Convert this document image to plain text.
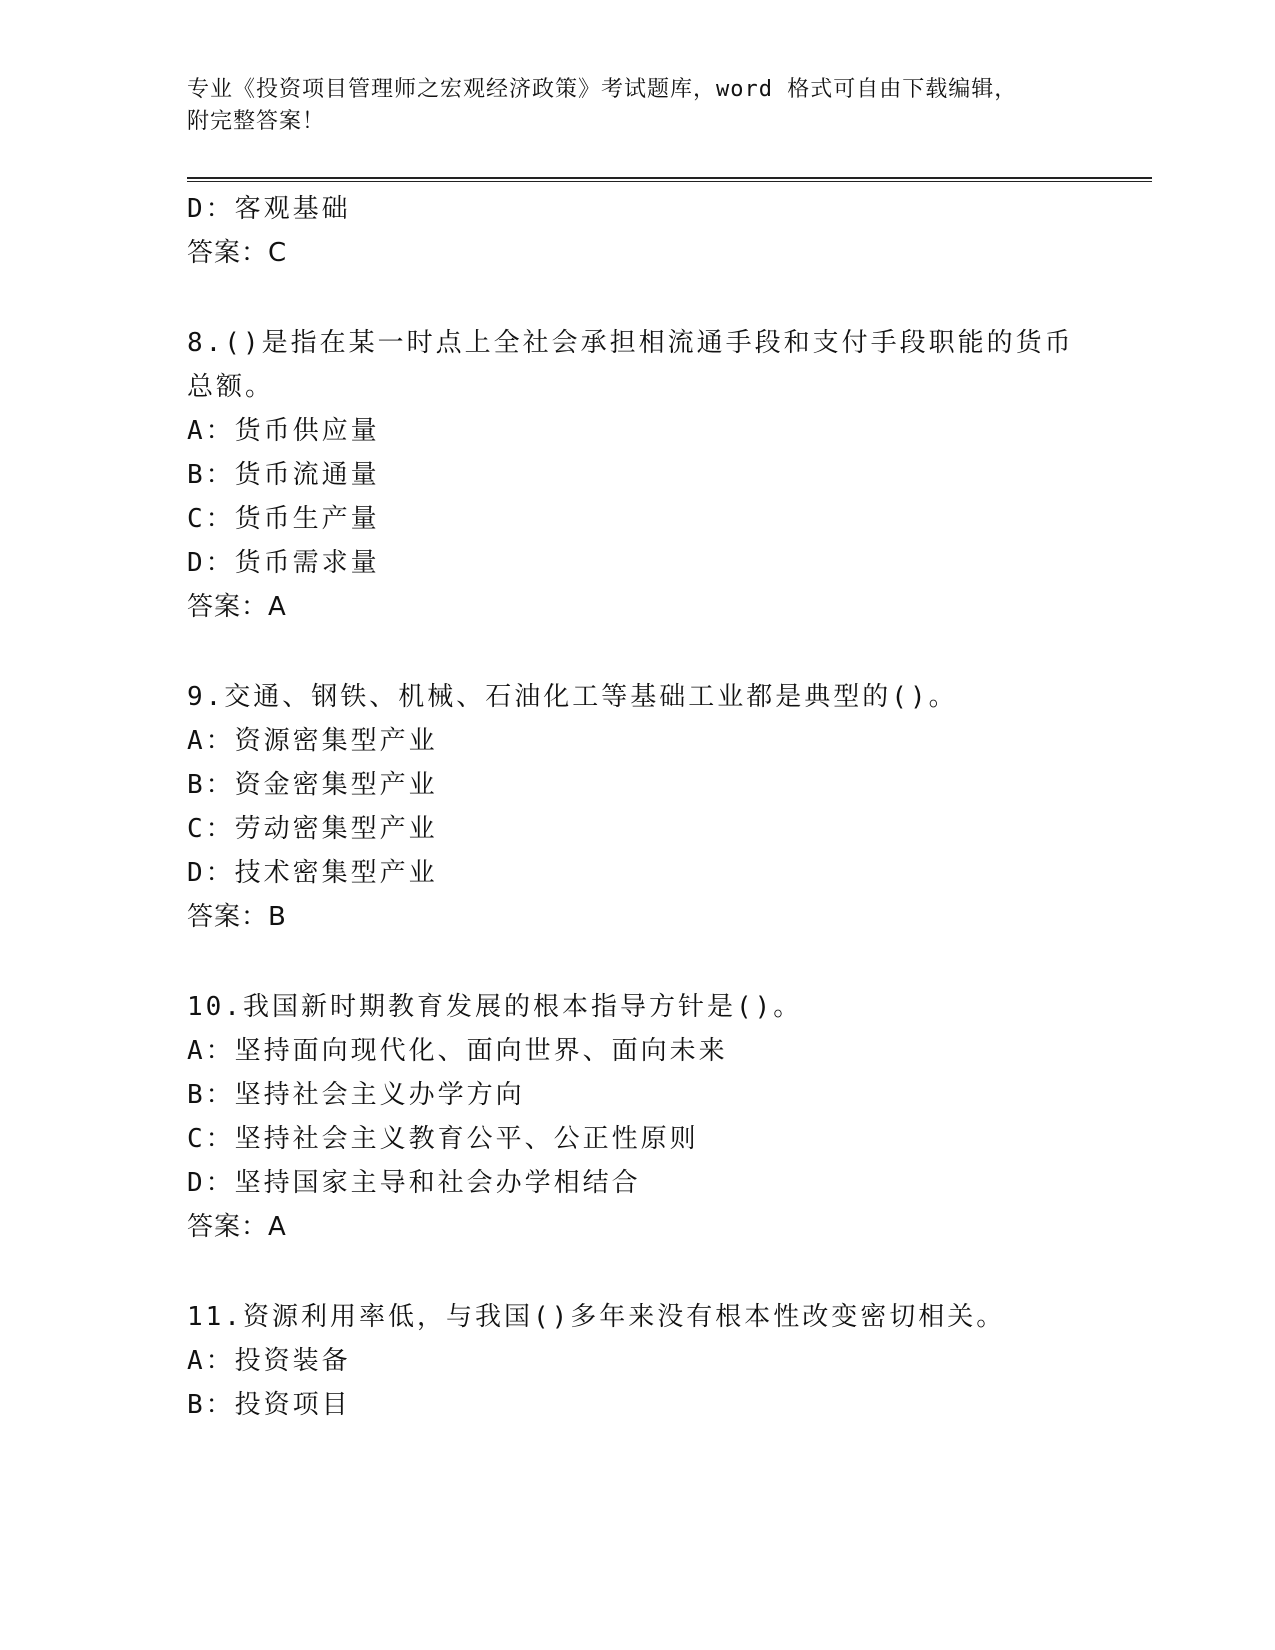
专业《投资项目管理师之宏观经济政策》考试题库，word 格式可自由下载编辑，
附完整答案！
D：客观基础
答案：C
8.()是指在某一时点上全社会承担相流通手段和支付手段职能的货币
总额。
A：货币供应量
B：货币流通量
C：货币生产量
D：货币需求量
答案：A
9.交通、钢铁、机械、石油化工等基础工业都是典型的()。
A：资源密集型产业
B：资金密集型产业
C：劳动密集型产业
D：技术密集型产业
答案：B
10.我国新时期教育发展的根本指导方针是()。
A：坚持面向现代化、面向世界、面向未来
B：坚持社会主义办学方向
C：坚持社会主义教育公平、公正性原则
D：坚持国家主导和社会办学相结合
答案：A
11.资源利用率低，与我国()多年来没有根本性改变密切相关。
A：投资装备
B：投资项目
